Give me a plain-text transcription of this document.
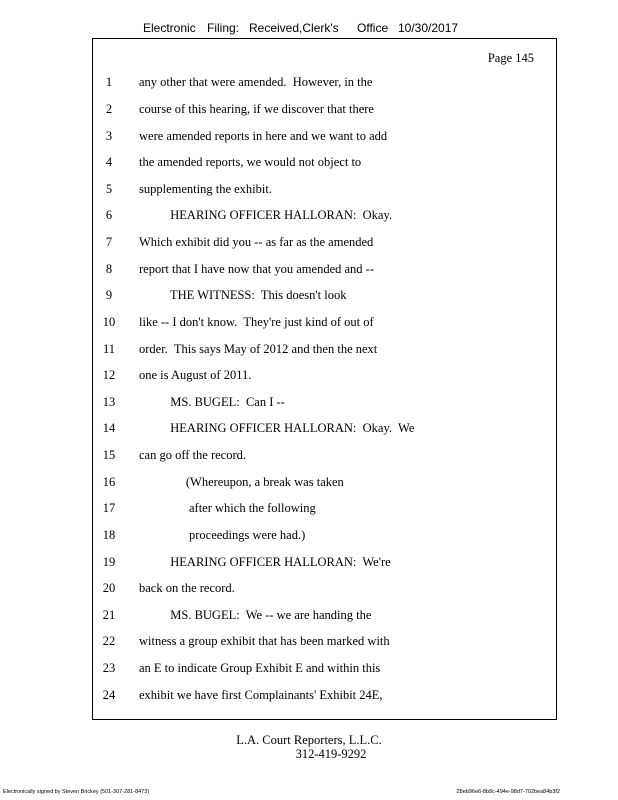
Electronic Filing: Received,Clerk's Office 10/30/2017
Page 145
1	any other that were amended.  However, in the
2	course of this hearing, if we discover that there
3	were amended reports in here and we want to add
4	the amended reports, we would not object to
5	supplementing the exhibit.
6	HEARING OFFICER HALLORAN:  Okay.
7	Which exhibit did you -- as far as the amended
8	report that I have now that you amended and --
9	THE WITNESS:  This doesn't look
10	like -- I don't know.  They're just kind of out of
11	order.  This says May of 2012 and then the next
12	one is August of 2011.
13	MS. BUGEL:  Can I --
14	HEARING OFFICER HALLORAN:  Okay.  We
15	can go off the record.
16	(Whereupon, a break was taken
17	after which the following
18	proceedings were had.)
19	HEARING OFFICER HALLORAN:  We're
20	back on the record.
21	MS. BUGEL:  We -- we are handing the
22	witness a group exhibit that has been marked with
23	an E to indicate Group Exhibit E and within this
24	exhibit we have first Complainants' Exhibit 24E,
L.A. Court Reporters, L.L.C.
312-419-9292
Electronically signed by Steven Brickey (501-307-281-8473)	28eb96e6-8b8c-494e-98d7-702bea84b3f2
